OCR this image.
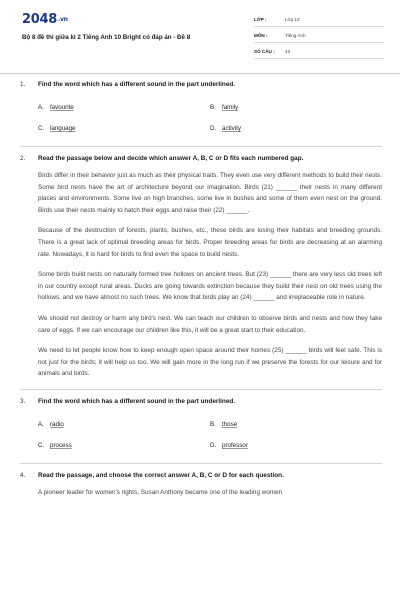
2048.vn
Bộ 8 đề thi giữa kì 2 Tiếng Anh 10 Bright có đáp án - Đề 8
LỚP :	Lớp 10
MÔN :	Tiếng Anh
SỐ CÂU : 43
1. Find the word which has a different sound in the part underlined.
A. favourite	B. family
C. language	D. activity
2. Read the passage below and decide which answer A, B, C or D fits each numbered gap.

Birds differ in their behavior just as much as their physical traits. They even use very different methods to build their nests. Some bird nests have the art of architecture beyond our imagination. Birds (21) ______ their nests in many different places and environments. Some live on high branches, some live in bushes and some of them even nest on the ground. Birds use their nests mainly to hatch their eggs and raise their (22) ______.

Because of the destruction of forests, plants, bushes, etc., these birds are losing their habitats and breeding grounds. There is a great lack of optimal breeding areas for birds. Proper breeding areas for birds are decreasing at an alarming rate. Nowadays, it is hard for birds to find even the space to build nests.

Some birds build nests on naturally formed tree hollows on ancient trees. But (23) ______ there are very less old trees left in our country except rural areas. Ducks are going towards extinction because they build their nest on old trees using the hollows, and we have almost no such trees. We know that birds play an (24) ______ and irreplaceable role in nature.

We should not destroy or harm any bird's nest. We can teach our children to observe birds and nests and how they take care of eggs. If we can encourage our children like this, it will be a great start to their education.

We need to let people know how to keep enough open space around their homes (25) ______ birds will feel safe. This is not just for the birds; it will help us too. We will gain more in the long run if we preserve the forests for our leisure and for animals and birds.

3. Find the word which has a different sound in the part underlined.
A. radio	B. those
C. process	D. professor
4. Read the passage, and choose the correct answer A, B, C or D for each question.

A pioneer leader for women's rights, Susan Anthony became one of the leading women
